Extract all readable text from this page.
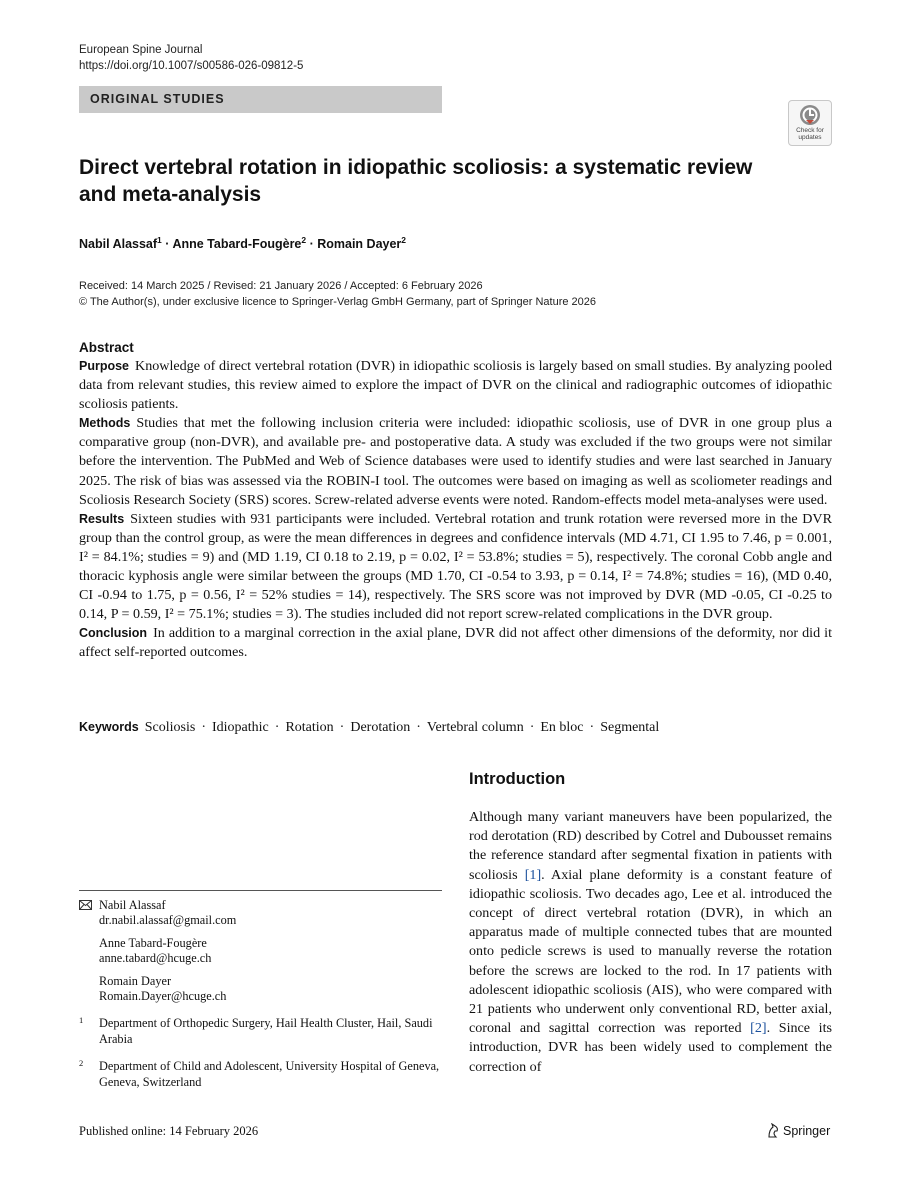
European Spine Journal
https://doi.org/10.1007/s00586-026-09812-5
ORIGINAL STUDIES
Check for
updates
Direct vertebral rotation in idiopathic scoliosis: a systematic review and meta-analysis
Nabil Alassaf$^1$ · Anne Tabard-Fougère$^2$ · Romain Dayer$^2$
Received: 14 March 2025 / Revised: 21 January 2026 / Accepted: 6 February 2026
© The Author(s), under exclusive licence to Springer-Verlag GmbH Germany, part of Springer Nature 2026
Abstract

Purpose Knowledge of direct vertebral rotation (DVR) in idiopathic scoliosis is largely based on small studies. By analyzing pooled data from relevant studies, this review aimed to explore the impact of DVR on the clinical and radiographic outcomes of idiopathic scoliosis patients.

Methods Studies that met the following inclusion criteria were included: idiopathic scoliosis, use of DVR in one group plus a comparative group (non-DVR), and available pre- and postoperative data. A study was excluded if the two groups were not similar before the intervention. The PubMed and Web of Science databases were used to identify studies and were last searched in January 2025. The risk of bias was assessed via the ROBIN-I tool. The outcomes were based on imaging as well as scoliometer readings and Scoliosis Research Society (SRS) scores. Screw-related adverse events were noted. Random-effects model meta-analyses were used.

Results Sixteen studies with 931 participants were included. Vertebral rotation and trunk rotation were reversed more in the DVR group than the control group, as were the mean differences in degrees and confidence intervals (MD 4.71, CI 1.95 to 7.46, p = 0.001, I² = 84.1%; studies = 9) and (MD 1.19, CI 0.18 to 2.19, p = 0.02, I² = 53.8%; studies = 5), respectively. The coronal Cobb angle and thoracic kyphosis angle were similar between the groups (MD 1.70, CI -0.54 to 3.93, p = 0.14, I² = 74.8%; studies = 16), (MD 0.40, CI -0.94 to 1.75, p = 0.56, I² = 52% studies = 14), respectively. The SRS score was not improved by DVR (MD -0.05, CI -0.25 to 0.14, P = 0.59, I² = 75.1%; studies = 3). The studies included did not report screw-related complications in the DVR group.

Conclusion In addition to a marginal correction in the axial plane, DVR did not affect other dimensions of the deformity, nor did it affect self-reported outcomes.

Keywords Scoliosis · Idiopathic · Rotation · Derotation · Vertebral column · En bloc · Segmental
Introduction

Although many variant maneuvers have been popularized, the rod derotation (RD) described by Cotrel and Dubousset remains the reference standard after segmental fixation in patients with scoliosis [1]. Axial plane deformity is a constant feature of idiopathic scoliosis. Two decades ago, Lee et al. introduced the concept of direct vertebral rotation (DVR), in which an apparatus made of multiple connected tubes that are mounted onto pedicle screws is used to manually reverse the rotation before the screws are locked to the rod. In 17 patients with adolescent idiopathic scoliosis (AIS), who were compared with 21 patients who underwent only conventional RD, better axial, coronal and sagittal correction was reported [2]. Since its introduction, DVR has been widely used to complement the correction of

Nabil Alassaf
dr.nabil.alassaf@gmail.com
Anne Tabard-Fougère
anne.tabard@hcuge.ch
Romain Dayer
Romain.Dayer@hcuge.ch
1 Department of Orthopedic Surgery, Hail Health Cluster, Hail, Saudi Arabia
2 Department of Child and Adolescent, University Hospital of Geneva, Geneva, Switzerland
Published online: 14 February 2026	Springer
